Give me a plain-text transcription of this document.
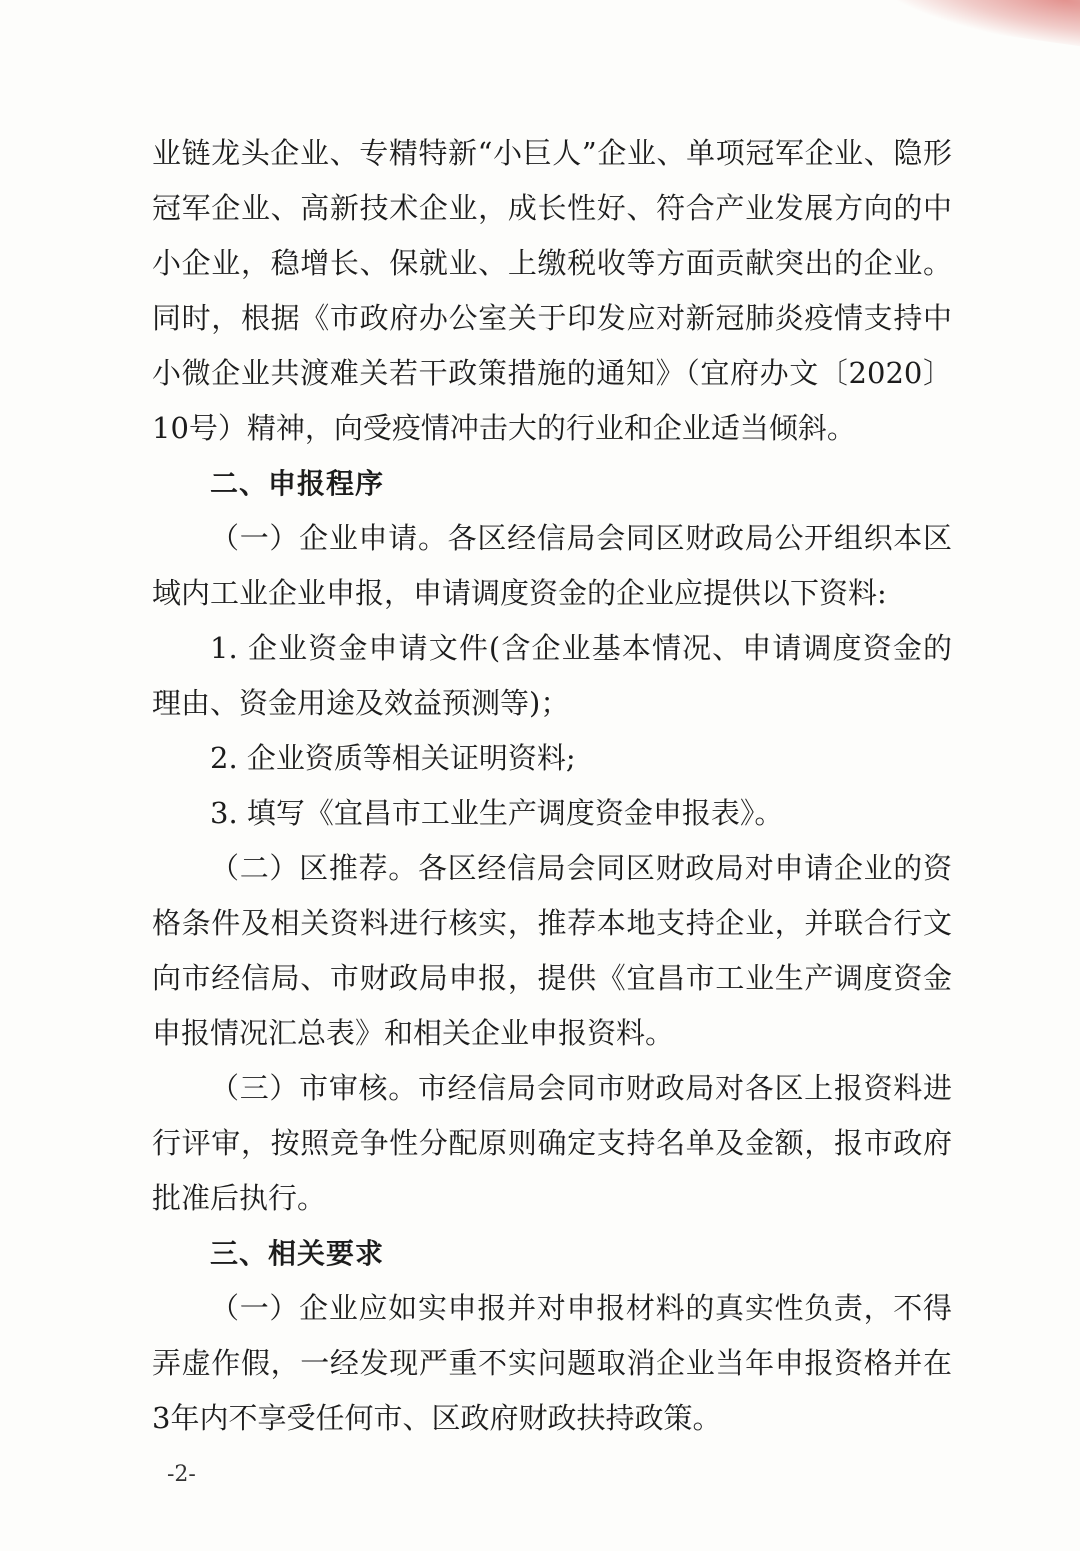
业链龙头企业、专精特新“小巨人”企业、单项冠军企业、隐形冠军企业、高新技术企业，成长性好、符合产业发展方向的中小企业，稳增长、保就业、上缴税收等方面贡献突出的企业。同时，根据《市政府办公室关于印发应对新冠肺炎疫情支持中小微企业共渡难关若干政策措施的通知》（宜府办文〔2020〕10号）精神，向受疫情冲击大的行业和企业适当倾斜。

二、申报程序

（一）企业申请。各区经信局会同区财政局公开组织本区域内工业企业申报，申请调度资金的企业应提供以下资料:

1. 企业资金申请文件(含企业基本情况、申请调度资金的理由、资金用途及效益预测等)；

2. 企业资质等相关证明资料;

3. 填写《宜昌市工业生产调度资金申报表》。

（二）区推荐。各区经信局会同区财政局对申请企业的资格条件及相关资料进行核实，推荐本地支持企业，并联合行文向市经信局、市财政局申报，提供《宜昌市工业生产调度资金申报情况汇总表》和相关企业申报资料。

（三）市审核。市经信局会同市财政局对各区上报资料进行评审，按照竞争性分配原则确定支持名单及金额，报市政府批准后执行。

三、相关要求

（一）企业应如实申报并对申报材料的真实性负责，不得弄虚作假，一经发现严重不实问题取消企业当年申报资格并在3年内不享受任何市、区政府财政扶持政策。

-2-
